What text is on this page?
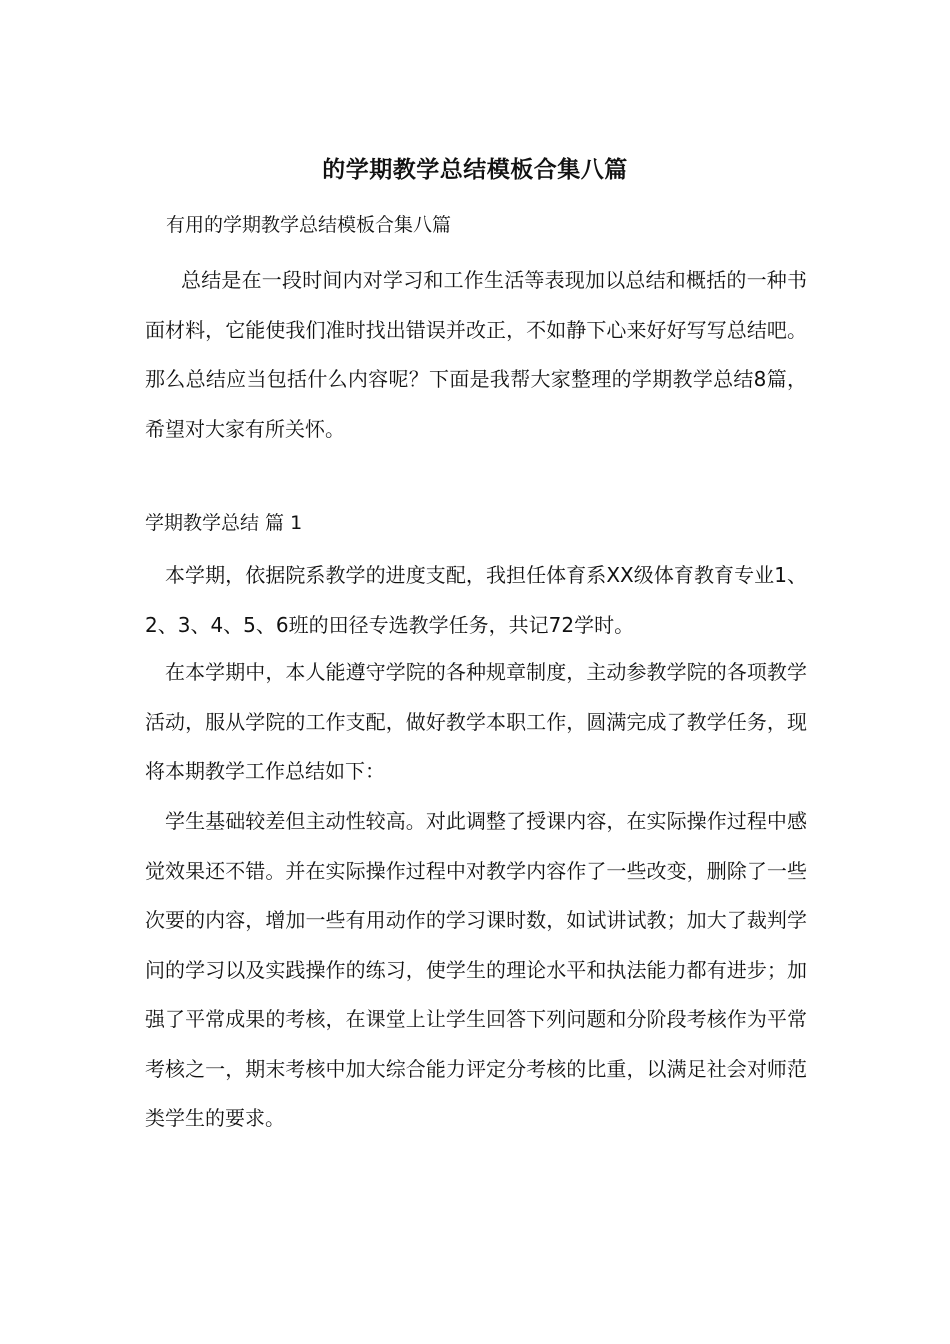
的学期教学总结模板合集八篇
有用的学期教学总结模板合集八篇
总结是在一段时间内对学习和工作生活等表现加以总结和概括的一种书面材料，它能使我们准时找出错误并改正，不如静下心来好好写写总结吧。那么总结应当包括什么内容呢？下面是我帮大家整理的学期教学总结8篇，希望对大家有所关怀。
学期教学总结 篇 1
本学期，依据院系教学的进度支配，我担任体育系XX级体育教育专业1、2、3、4、5、6班的田径专选教学任务，共记72学时。
在本学期中，本人能遵守学院的各种规章制度，主动参教学院的各项教学活动，服从学院的工作支配，做好教学本职工作，圆满完成了教学任务，现将本期教学工作总结如下：
学生基础较差但主动性较高。对此调整了授课内容，在实际操作过程中感觉效果还不错。并在实际操作过程中对教学内容作了一些改变，删除了一些次要的内容，增加一些有用动作的学习课时数，如试讲试教；加大了裁判学问的学习以及实践操作的练习，使学生的理论水平和执法能力都有进步；加强了平常成果的考核，在课堂上让学生回答下列问题和分阶段考核作为平常考核之一，期末考核中加大综合能力评定分考核的比重，以满足社会对师范类学生的要求。
